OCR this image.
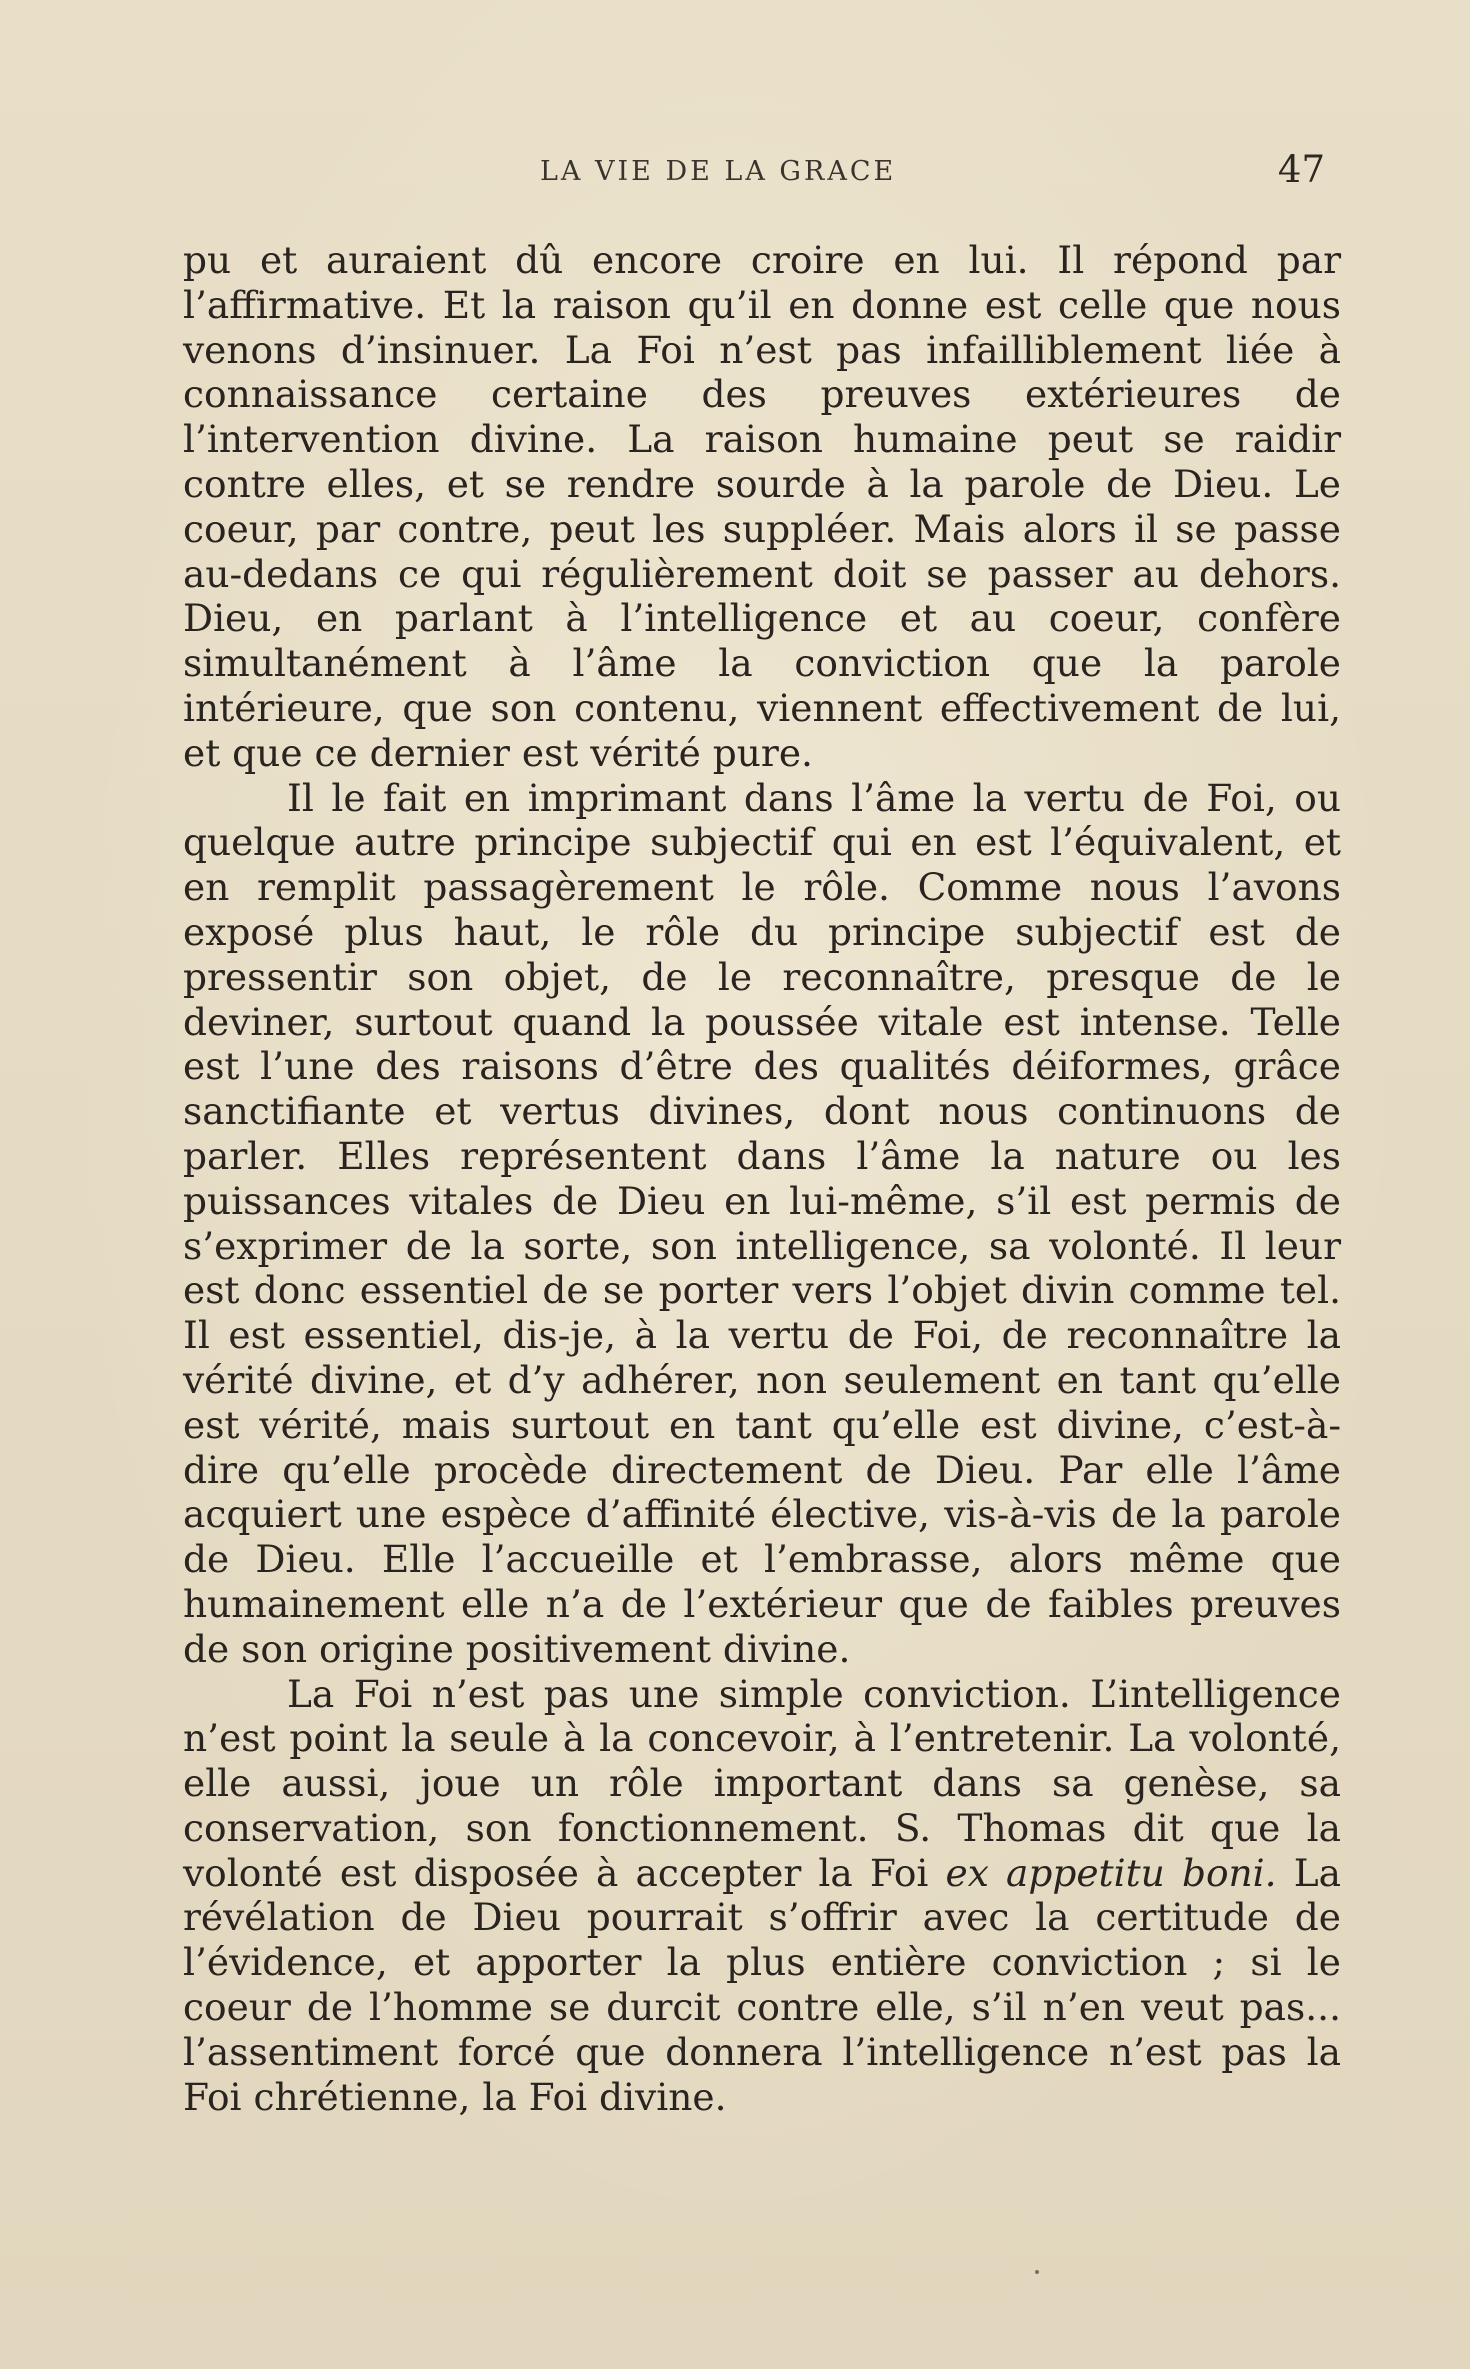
LA VIE DE LA GRACE	47

pu et auraient dû encore croire en lui. Il répond par l’affirmative. Et la raison qu’il en donne est celle que nous venons d’insinuer. La Foi n’est pas infailliblement liée à connaissance certaine des preuves extérieures de l’intervention divine. La raison humaine peut se raidir contre elles, et se rendre sourde à la parole de Dieu. Le coeur, par contre, peut les suppléer. Mais alors il se passe au-dedans ce qui régulièrement doit se passer au dehors. Dieu, en parlant à l’intelligence et au coeur, confère simultanément à l’âme la conviction que la parole intérieure, que son contenu, viennent effectivement de lui, et que ce dernier est vérité pure.

Il le fait en imprimant dans l’âme la vertu de Foi, ou quelque autre principe subjectif qui en est l’équivalent, et en remplit passagèrement le rôle. Comme nous l’avons exposé plus haut, le rôle du principe subjectif est de pressentir son objet, de le reconnaître, presque de le deviner, surtout quand la poussée vitale est intense. Telle est l’une des raisons d’être des qualités déiformes, grâce sanctifiante et vertus divines, dont nous continuons de parler. Elles représentent dans l’âme la nature ou les puissances vitales de Dieu en lui-même, s’il est permis de s’exprimer de la sorte, son intelligence, sa volonté. Il leur est donc essentiel de se porter vers l’objet divin comme tel. Il est essentiel, dis-je, à la vertu de Foi, de reconnaître la vérité divine, et d’y adhérer, non seulement en tant qu’elle est vérité, mais surtout en tant qu’elle est divine, c’est-à-dire qu’elle procède directement de Dieu. Par elle l’âme acquiert une espèce d’affinité élective, vis-à-vis de la parole de Dieu. Elle l’accueille et l’embrasse, alors même que humainement elle n’a de l’extérieur que de faibles preuves de son origine positivement divine.

La Foi n’est pas une simple conviction. L’intelligence n’est point la seule à la concevoir, à l’entretenir. La volonté, elle aussi, joue un rôle important dans sa genèse, sa conservation, son fonctionnement. S. Thomas dit que la volonté est disposée à accepter la Foi ex appetitu boni. La révélation de Dieu pourrait s’offrir avec la certitude de l’évidence, et apporter la plus entière conviction ; si le coeur de l’homme se durcit contre elle, s’il n’en veut pas... l’assentiment forcé que donnera l’intelligence n’est pas la Foi chrétienne, la Foi divine.
